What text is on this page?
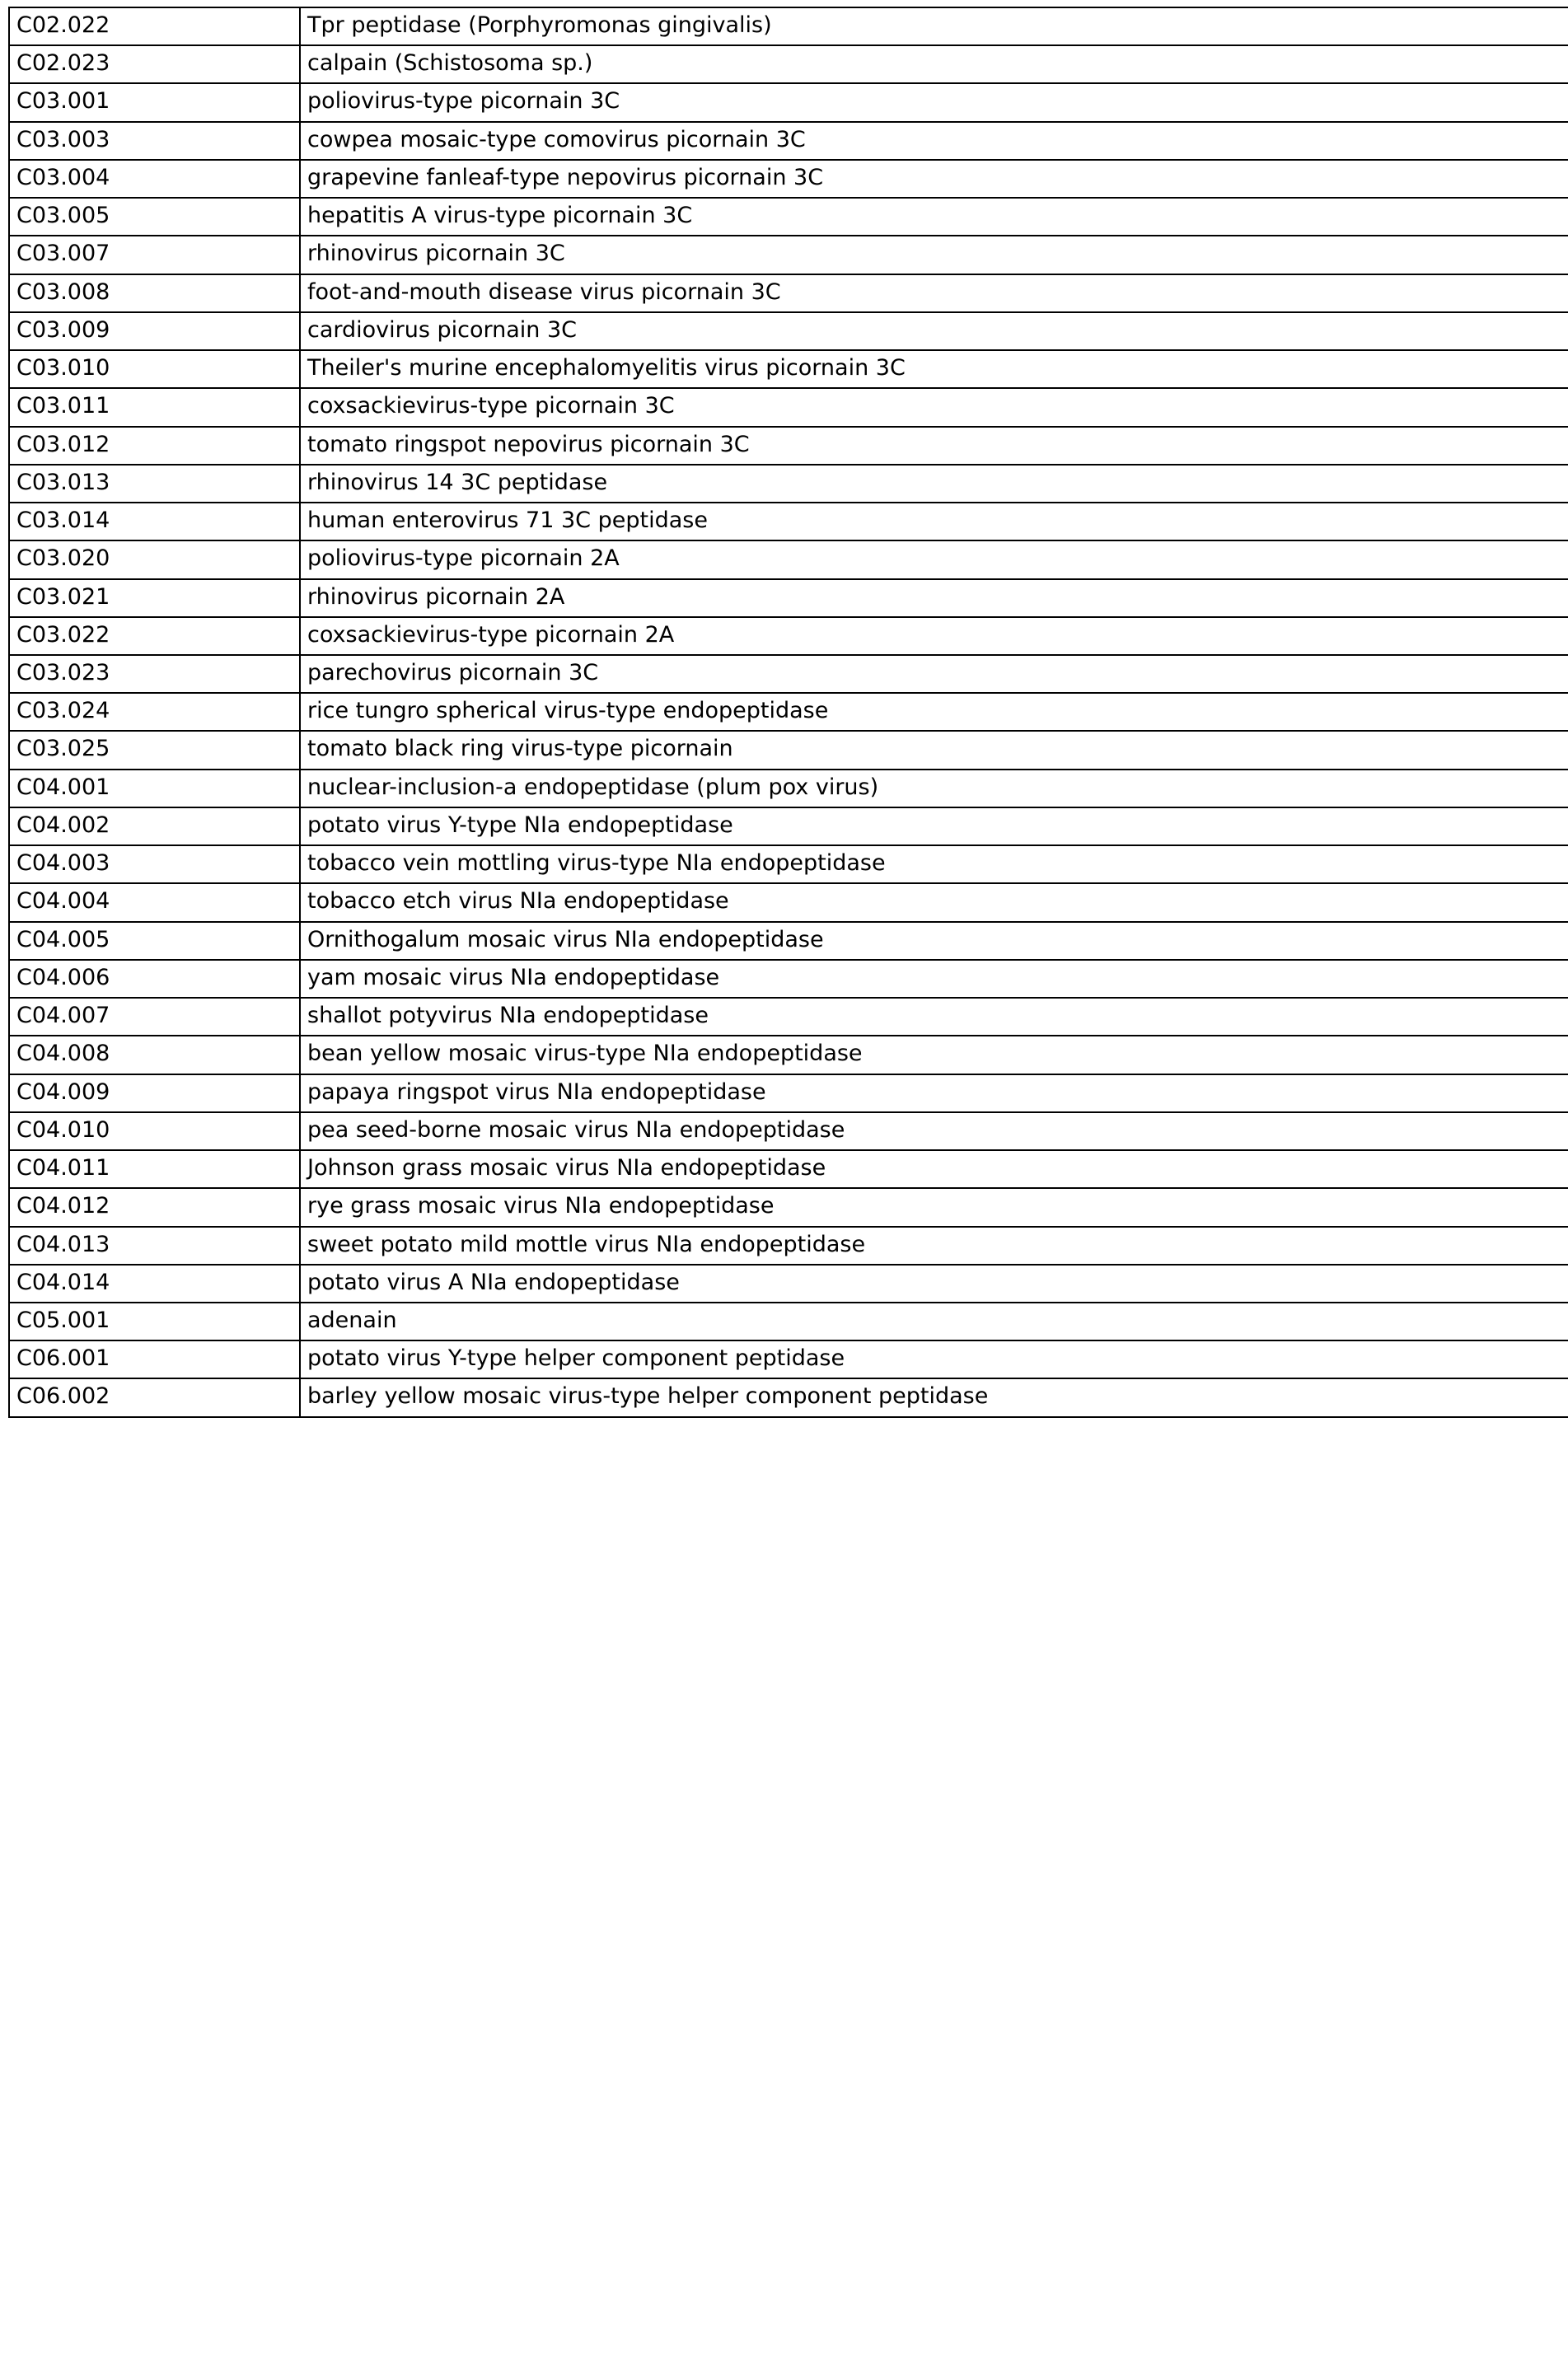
C02.022	Tpr peptidase (Porphyromonas gingivalis)
C02.023	calpain (Schistosoma sp.)
C03.001	poliovirus-type picornain 3C
C03.003	cowpea mosaic-type comovirus picornain 3C
C03.004	grapevine fanleaf-type nepovirus picornain 3C
C03.005	hepatitis A virus-type picornain 3C
C03.007	rhinovirus picornain 3C
C03.008	foot-and-mouth disease virus picornain 3C
C03.009	cardiovirus picornain 3C
C03.010	Theiler's murine encephalomyelitis virus picornain 3C
C03.011	coxsackievirus-type picornain 3C
C03.012	tomato ringspot nepovirus picornain 3C
C03.013	rhinovirus 14 3C peptidase
C03.014	human enterovirus 71 3C peptidase
C03.020	poliovirus-type picornain 2A
C03.021	rhinovirus picornain 2A
C03.022	coxsackievirus-type picornain 2A
C03.023	parechovirus picornain 3C
C03.024	rice tungro spherical virus-type endopeptidase
C03.025	tomato black ring virus-type picornain
C04.001	nuclear-inclusion-a endopeptidase (plum pox virus)
C04.002	potato virus Y-type NIa endopeptidase
C04.003	tobacco vein mottling virus-type NIa endopeptidase
C04.004	tobacco etch virus NIa endopeptidase
C04.005	Ornithogalum mosaic virus NIa endopeptidase
C04.006	yam mosaic virus NIa endopeptidase
C04.007	shallot potyvirus NIa endopeptidase
C04.008	bean yellow mosaic virus-type NIa endopeptidase
C04.009	papaya ringspot virus NIa endopeptidase
C04.010	pea seed-borne mosaic virus NIa endopeptidase
C04.011	Johnson grass mosaic virus NIa endopeptidase
C04.012	rye grass mosaic virus NIa endopeptidase
C04.013	sweet potato mild mottle virus NIa endopeptidase
C04.014	potato virus A NIa endopeptidase
C05.001	adenain
C06.001	potato virus Y-type helper component peptidase
C06.002	barley yellow mosaic virus-type helper component peptidase
